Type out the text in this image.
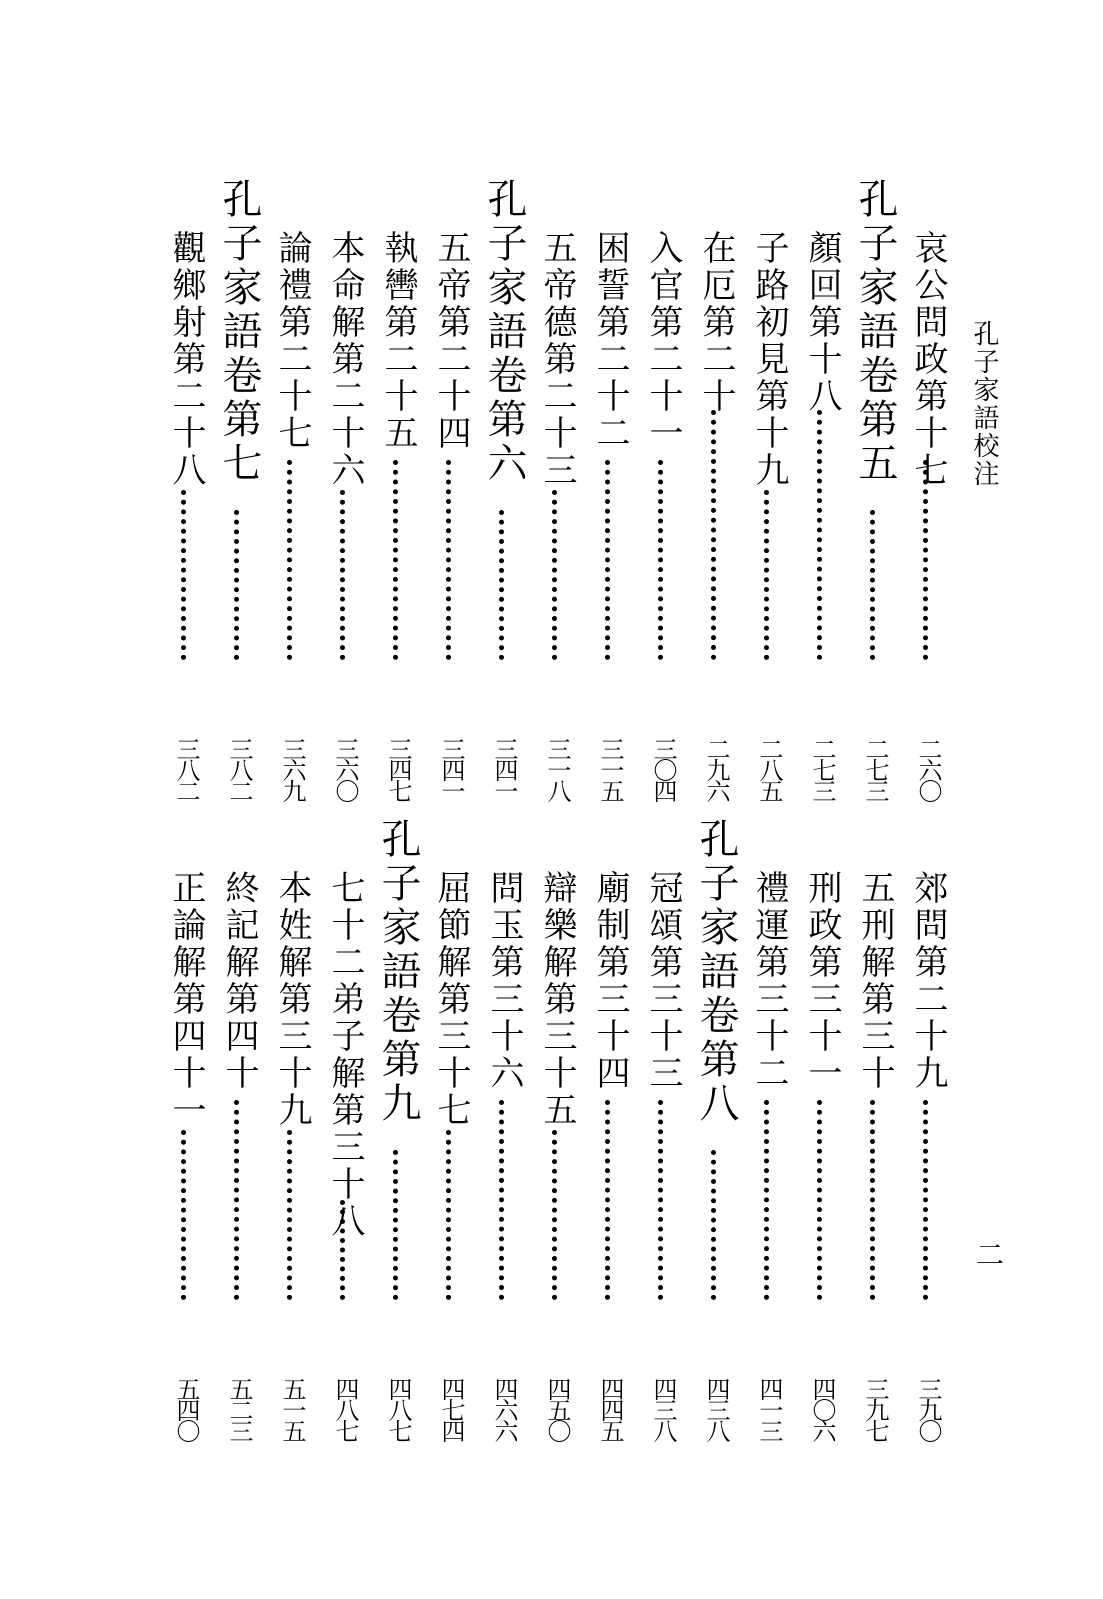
孔子家語校注
二
哀公問政第十七
二六〇
孔子家語卷第五
二七三
顏回第十八
二七三
子路初見第十九
二八五
在厄第二十
二九六
入官第二十一
三〇四
困誓第二十二
三一五
五帝德第二十三
三一八
孔子家語卷第六
三四一
五帝第二十四
三四一
執轡第二十五
三四七
本命解第二十六
三六〇
論禮第二十七
三六九
孔子家語卷第七
三八二
觀鄉射第二十八
三八二
郊問第二十九
三九〇
五刑解第三十
三九七
刑政第三十一
四〇六
禮運第三十二
四一三
孔子家語卷第八
四三八
冠頌第三十三
四三八
廟制第三十四
四四五
辯樂解第三十五
四五〇
問玉第三十六
四六六
屈節解第三十七
四七四
孔子家語卷第九
四八七
七十二弟子解第三十八
四八七
本姓解第三十九
五一五
終記解第四十
五二三
正論解第四十一
五四〇
